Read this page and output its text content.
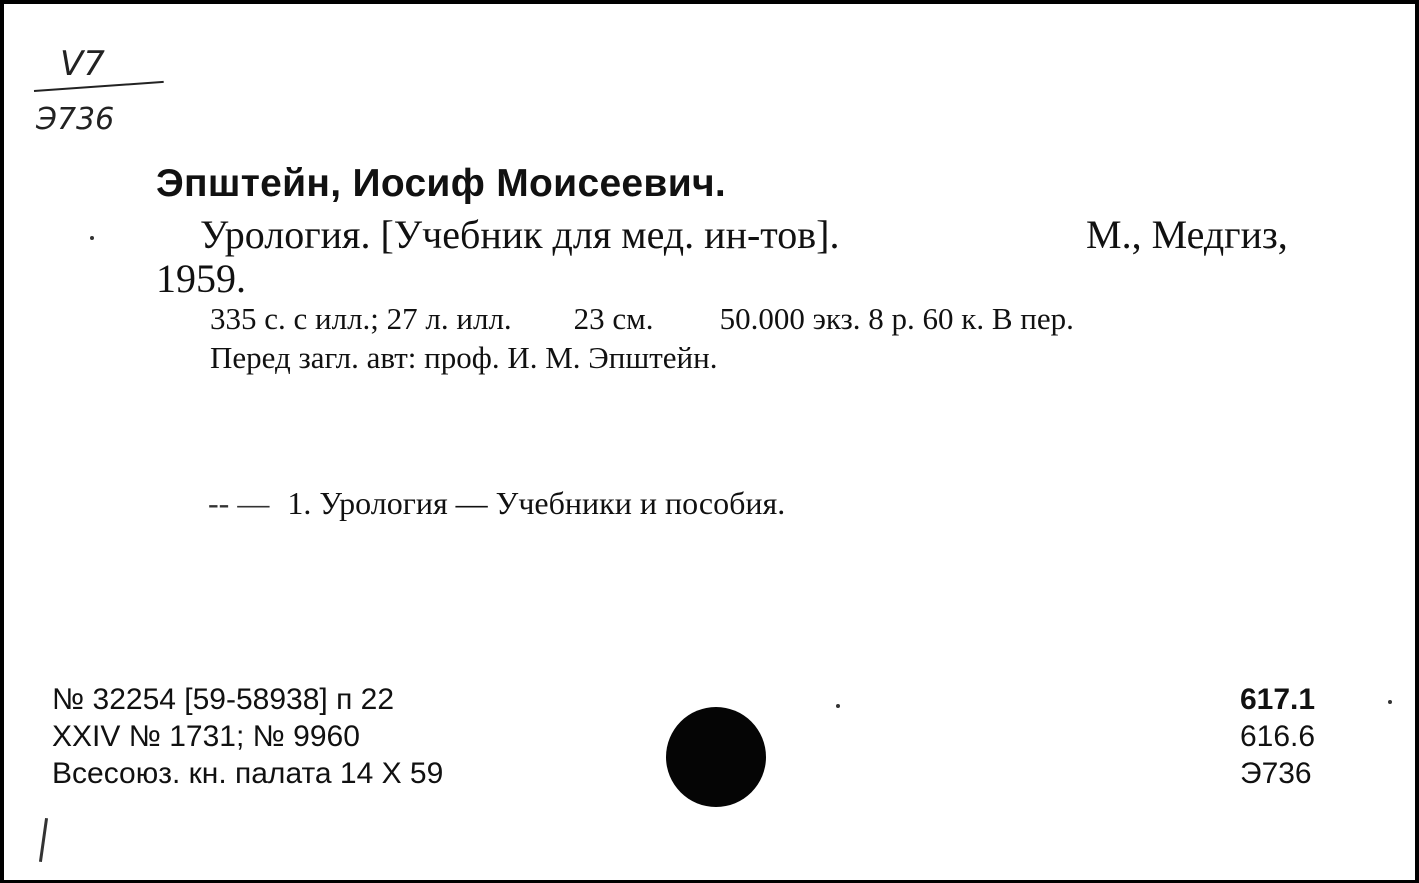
V7
Э736
Эпштейн, Иосиф Моисеевич.
Урология. [Учебник для мед. ин-тов].	М., Медгиз,
1959.
335 с. с илл.; 27 л. илл. 23 см. 50.000 экз. 8 р. 60 к. В пер.
Перед загл. авт: проф. И. М. Эпштейн.
-- — 1. Урология — Учебники и пособия.
№ 32254 [59-58938] п 22
XXIV № 1731; № 9960
Всесоюз. кн. палата 14 X 59
617.1
616.6
Э736
